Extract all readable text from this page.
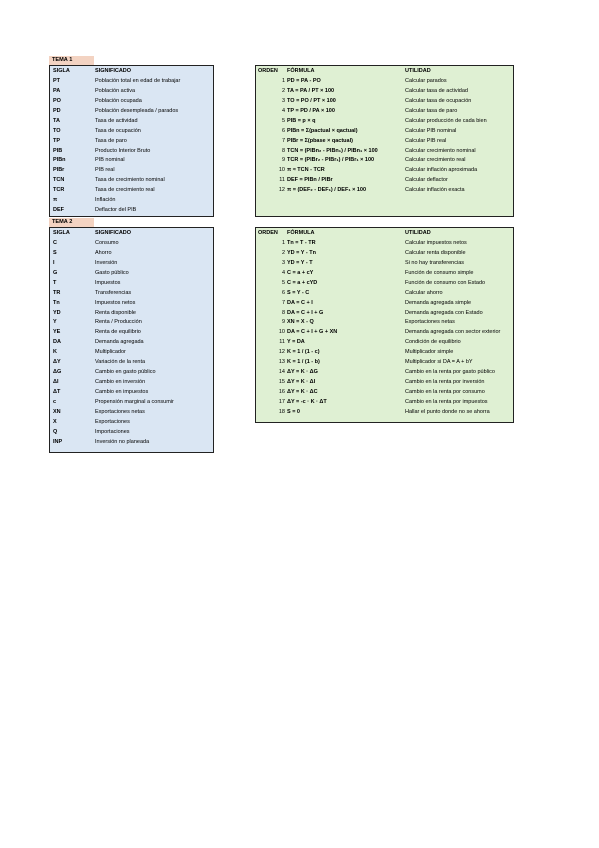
TEMA 1
SIGLA	SIGNIFICADO
PT	Población total en edad de trabajar
PA	Población activa
PO	Población ocupada
PD	Población desempleada / parados
TA	Tasa de actividad
TO	Tasa de ocupación
TP	Tasa de paro
PIB	Producto Interior Bruto
PIBn	PIB nominal
PIBr	PIB real
TCN	Tasa de crecimiento nominal
TCR	Tasa de crecimiento real
π	Inflación
DEF	Deflactor del PIB
ORDEN FÓRMULA	UTILIDAD
1 PD = PA - PO	Calcular parados
2 TA = PA / PT × 100	Calcular tasa de actividad
3 TO = PO / PT × 100	Calcular tasa de ocupación
4 TP = PD / PA × 100	Calcular tasa de paro
5 PIB = p × q	Calcular producción de cada bien
6 PIBn = Σ(pactual × qactual)	Calcular PIB nominal
7 PIBr = Σ(pbase × qactual)	Calcular PIB real
8 TCN = (PIBn₂ - PIBn₁) / PIBn₁ × 100	Calcular crecimiento nominal
9 TCR = (PIBr₂ - PIBr₁) / PIBr₁ × 100	Calcular crecimiento real
10 π ≈ TCN - TCR	Calcular inflación aproximada
11 DEF = PIBn / PIBr	Calcular deflactor
12 π = (DEF₂ - DEF₁) / DEF₁ × 100	Calcular inflación exacta
TEMA 2
SIGLA	SIGNIFICADO
C	Consumo
S	Ahorro
I	Inversión
G	Gasto público
T	Impuestos
TR	Transferencias
Tn	Impuestos netos
YD	Renta disponible
Y	Renta / Producción
YE	Renta de equilibrio
DA	Demanda agregada
K	Multiplicador
ΔY	Variación de la renta
ΔG	Cambio en gasto público
ΔI	Cambio en inversión
ΔT	Cambio en impuestos
c	Propensión marginal a consumir
XN	Exportaciones netas
X	Exportaciones
Q	Importaciones
INP	Inversión no planeada
ORDEN FÓRMULA	UTILIDAD
1 Tn = T - TR	Calcular impuestos netos
2 YD = Y - Tn	Calcular renta disponible
3 YD = Y - T	Si no hay transferencias
4 C = a + cY	Función de consumo simple
5 C = a + cYD	Función de consumo con Estado
6 S = Y - C	Calcular ahorro
7 DA = C + I	Demanda agregada simple
8 DA = C + I + G	Demanda agregada con Estado
9 XN = X - Q	Exportaciones netas
10 DA = C + I + G + XN	Demanda agregada con sector exterior
11 Y = DA	Condición de equilibrio
12 K = 1 / (1 - c)	Multiplicador simple
13 K = 1 / (1 - b)	Multiplicador si DA = A + bY
14 ΔY = K · ΔG	Cambio en la renta por gasto público
15 ΔY = K · ΔI	Cambio en la renta por inversión
16 ΔY = K · ΔC	Cambio en la renta por consumo
17 ΔY = -c · K · ΔT	Cambio en la renta por impuestos
18 S = 0	Hallar el punto donde no se ahorra
